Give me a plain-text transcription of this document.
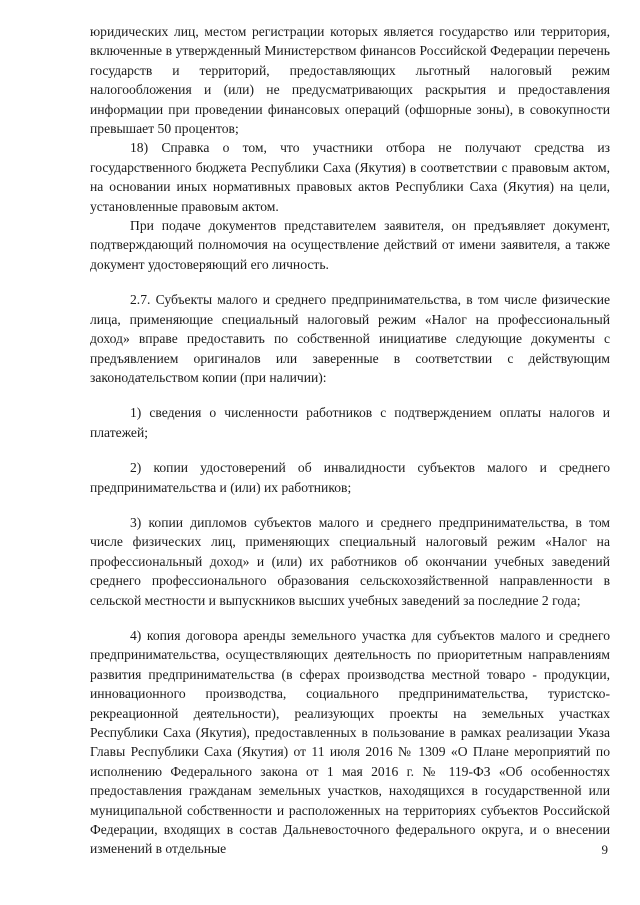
юридических лиц, местом регистрации которых является государство или территория, включенные в утвержденный Министерством финансов Российской Федерации перечень государств и территорий, предоставляющих льготный налоговый режим налогообложения и (или) не предусматривающих раскрытия и предоставления информации при проведении финансовых операций (офшорные зоны), в совокупности превышает 50 процентов;

18) Справка о том, что участники отбора не получают средства из государственного бюджета Республики Саха (Якутия) в соответствии с правовым актом, на основании иных нормативных правовых актов Республики Саха (Якутия) на цели, установленные правовым актом.

При подаче документов представителем заявителя, он предъявляет документ, подтверждающий полномочия на осуществление действий от имени заявителя, а также документ удостоверяющий его личность.

2.7. Субъекты малого и среднего предпринимательства, в том числе физические лица, применяющие специальный налоговый режим «Налог на профессиональный доход» вправе предоставить по собственной инициативе следующие документы с предъявлением оригиналов или заверенные в соответствии с действующим законодательством копии (при наличии):

1) сведения о численности работников с подтверждением оплаты налогов и платежей;

2) копии удостоверений об инвалидности субъектов малого и среднего предпринимательства и (или) их работников;

3) копии дипломов субъектов малого и среднего предпринимательства, в том числе физических лиц, применяющих специальный налоговый режим «Налог на профессиональный доход» и (или) их работников об окончании учебных заведений среднего профессионального образования сельскохозяйственной направленности в сельской местности и выпускников высших учебных заведений за последние 2 года;

4) копия договора аренды земельного участка для субъектов малого и среднего предпринимательства, осуществляющих деятельность по приоритетным направлениям развития предпринимательства (в сферах производства местной товаро - продукции, инновационного производства, социального предпринимательства, туристско-рекреационной деятельности), реализующих проекты на земельных участках Республики Саха (Якутия), предоставленных в пользование в рамках реализации Указа Главы Республики Саха (Якутия) от 11 июля 2016 № 1309 «О Плане мероприятий по исполнению Федерального закона от 1 мая 2016 г. № 119-ФЗ «Об особенностях предоставления гражданам земельных участков, находящихся в государственной или муниципальной собственности и расположенных на территориях субъектов Российской Федерации, входящих в состав Дальневосточного федерального округа, и о внесении изменений в отдельные	9
